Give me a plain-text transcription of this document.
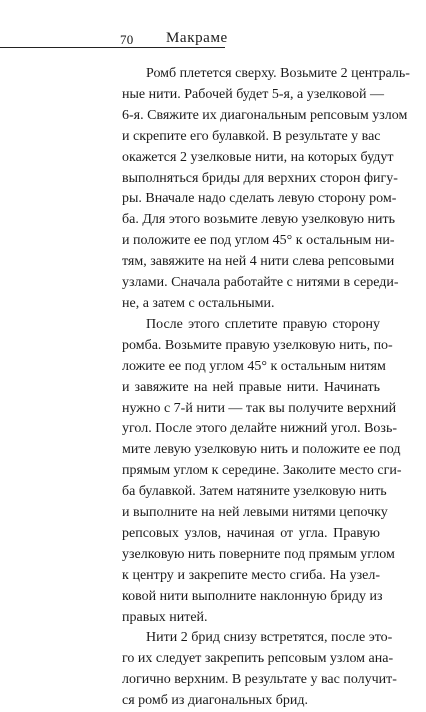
70 Макраме

Ромб плетется сверху. Возьмите 2 централь-
ные нити. Рабочей будет 5-я, а узелковой —
6-я. Свяжите их диагональным репсовым узлом
и скрепите его булавкой. В результате у вас
окажется 2 узелковые нити, на которых будут
выполняться бриды для верхних сторон фигу-
ры. Вначале надо сделать левую сторону ром-
ба. Для этого возьмите левую узелковую нить
и положите ее под углом 45° к остальным ни-
тям, завяжите на ней 4 нити слева репсовыми
узлами. Сначала работайте с нитями в середи-
не, а затем с остальными.

После этого сплетите правую сторону
ромба. Возьмите правую узелковую нить, по-
ложите ее под углом 45° к остальным нитям
и завяжите на ней правые нити. Начинать
нужно с 7-й нити — так вы получите верхний
угол. После этого делайте нижний угол. Возь-
мите левую узелковую нить и положите ее под
прямым углом к середине. Заколите место сги-
ба булавкой. Затем натяните узелковую нить
и выполните на ней левыми нитями цепочку
репсовых узлов, начиная от угла. Правую
узелковую нить поверните под прямым углом
к центру и закрепите место сгиба. На узел-
ковой нити выполните наклонную бриду из
правых нитей.

Нити 2 брид снизу встретятся, после это-
го их следует закрепить репсовым узлом ана-
логично верхним. В результате у вас получит-
ся ромб из диагональных брид.
